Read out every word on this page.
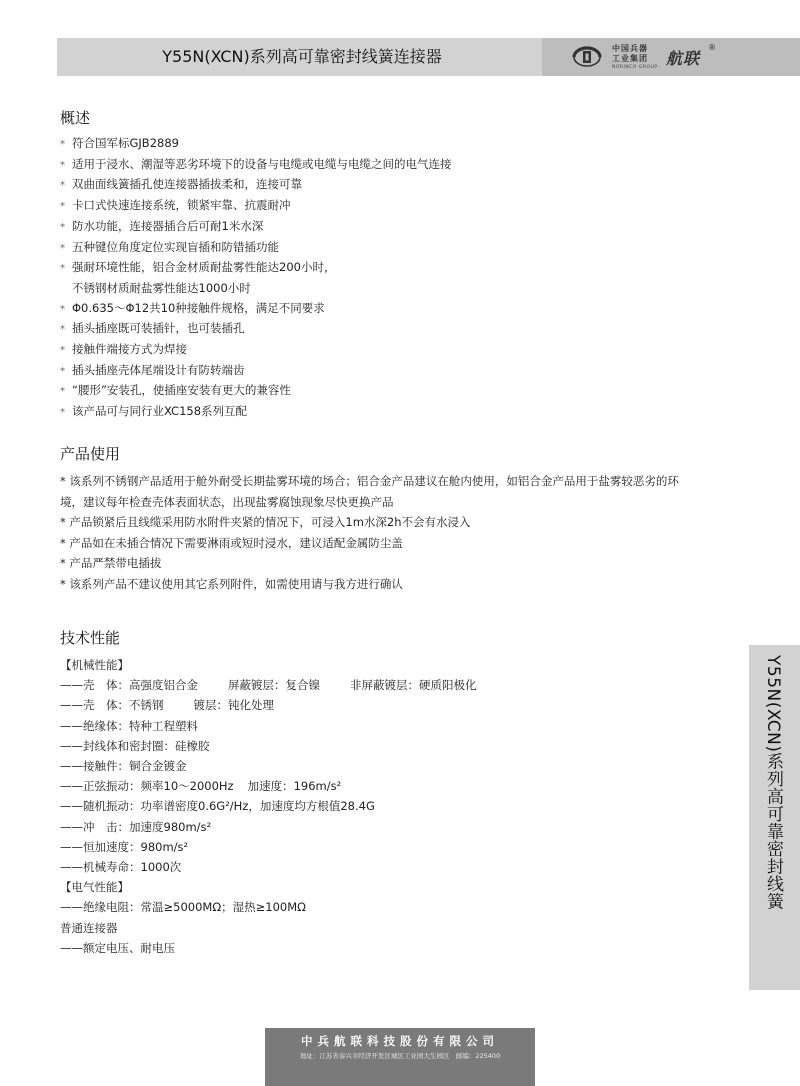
Y55N(XCN)系列高可靠密封线簧连接器	中国兵器
工业集团
NORINCO GROUP 航联
®
概述
* 符合国军标GJB2889
* 适用于浸水、潮湿等恶劣环境下的设备与电缆或电缆与电缆之间的电气连接
* 双曲面线簧插孔使连接器插拔柔和，连接可靠
* 卡口式快速连接系统，锁紧牢靠、抗震耐冲
* 防水功能，连接器插合后可耐1米水深
* 五种键位角度定位实现盲插和防错插功能
* 强耐环境性能，铝合金材质耐盐雾性能达200小时，
不锈钢材质耐盐雾性能达1000小时
* Φ0.635～Φ12共10种接触件规格，满足不同要求
* 插头插座既可装插针，也可装插孔
* 接触件端接方式为焊接
* 插头插座壳体尾端设计有防转端齿
* “腰形”安装孔，使插座安装有更大的兼容性
* 该产品可与同行业XC158系列互配
产品使用
* 该系列不锈钢产品适用于舱外耐受长期盐雾环境的场合；铝合金产品建议在舱内使用，如铝合金产品用于盐雾较恶劣的环境，建议每年检查壳体表面状态，出现盐雾腐蚀现象尽快更换产品
* 产品锁紧后且线缆采用防水附件夹紧的情况下，可浸入1m水深2h不会有水浸入
* 产品如在未插合情况下需要淋雨或短时浸水，建议适配金属防尘盖
* 产品严禁带电插拔
* 该系列产品不建议使用其它系列附件，如需使用请与我方进行确认
技术性能
【机械性能】
——壳　体：高强度铝合金	屏蔽镀层：复合镍	非屏蔽镀层：硬质阳极化
——壳　体：不锈钢	镀层：钝化处理
——绝缘体：特种工程塑料
——封线体和密封圈：硅橡胶
——接触件：铜合金镀金
——正弦振动：频率10～2000Hz 加速度：196m/s²
——随机振动：功率谱密度0.6G²/Hz，加速度均方根值28.4G
——冲　击：加速度980m/s²
——恒加速度：980m/s²
——机械寿命：1000次
【电气性能】
——绝缘电阻：常温≥5000MΩ；湿热≥100MΩ
普通连接器
——额定电压、耐电压
Y55N(XCN)系列高可靠密封线簧
中兵航联科技股份有限公司
地址：江苏省泰兴市经济开发区城区工业园大生园区　邮编：225400
